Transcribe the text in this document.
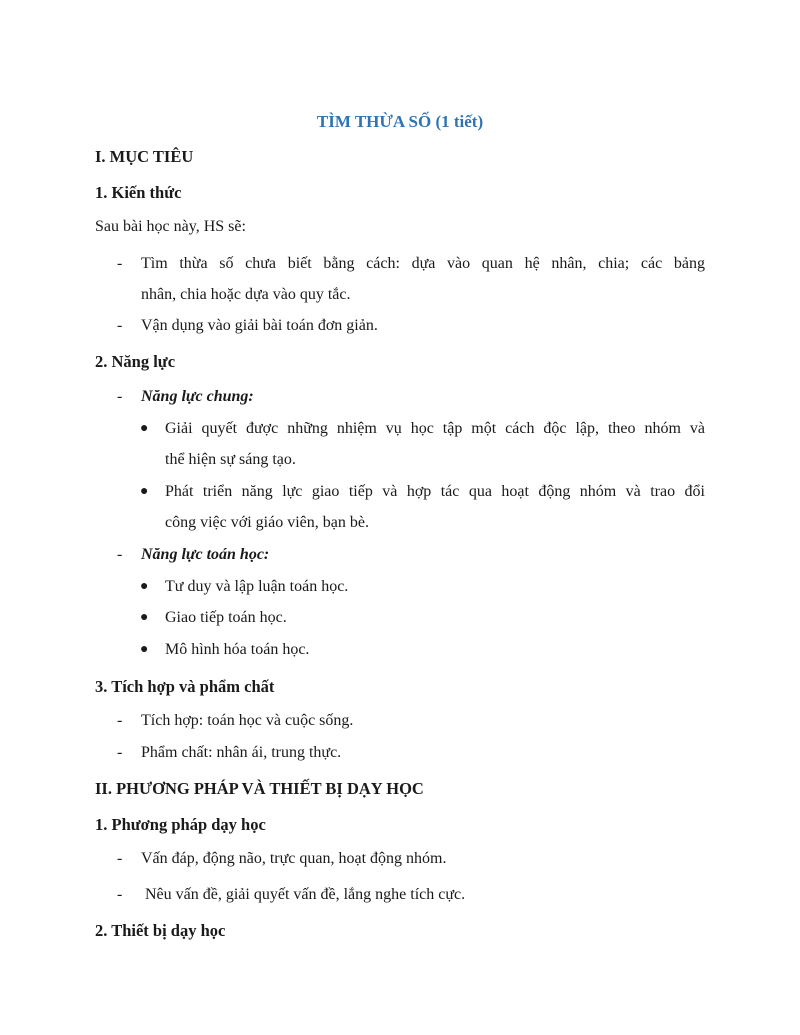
TÌM THỪA SỐ (1 tiết)
I. MỤC TIÊU
1. Kiến thức
Sau bài học này, HS sẽ:
- Tìm thừa số chưa biết bằng cách: dựa vào quan hệ nhân, chia; các bảng
nhân, chia hoặc dựa vào quy tắc.
- Vận dụng vào giải bài toán đơn giản.
2. Năng lực
- Năng lực chung:
● Giải quyết được những nhiệm vụ học tập một cách độc lập, theo nhóm và
thể hiện sự sáng tạo.
● Phát triển năng lực giao tiếp và hợp tác qua hoạt động nhóm và trao đổi
công việc với giáo viên, bạn bè.
- Năng lực toán học:
● Tư duy và lập luận toán học.
● Giao tiếp toán học.
● Mô hình hóa toán học.
3. Tích hợp và phẩm chất
- Tích hợp: toán học và cuộc sống.
- Phẩm chất: nhân ái, trung thực.
II. PHƯƠNG PHÁP VÀ THIẾT BỊ DẠY HỌC
1. Phương pháp dạy học
- Vấn đáp, động não, trực quan, hoạt động nhóm.
- Nêu vấn đề, giải quyết vấn đề, lắng nghe tích cực.
2. Thiết bị dạy học
